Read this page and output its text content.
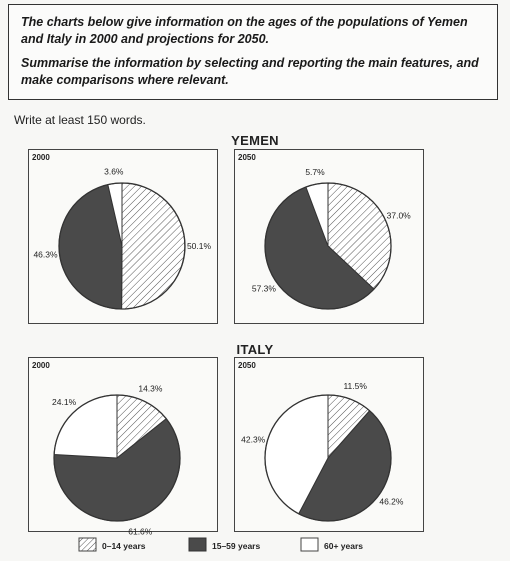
The charts below give information on the ages of the populations of Yemen and Italy in 2000 and projections for 2050.

Summarise the information by selecting and reporting the main features, and make comparisons where relevant.

Write at least 150 words.
YEMEN
ITALY
2000
50.1%
46.3%
3.6%
2050
37.0%
57.3%
5.7%
2000
14.3%
61.6%
24.1%
2050
11.5%
46.2%
42.3%
0–14 years	15–59 years	60+ years
